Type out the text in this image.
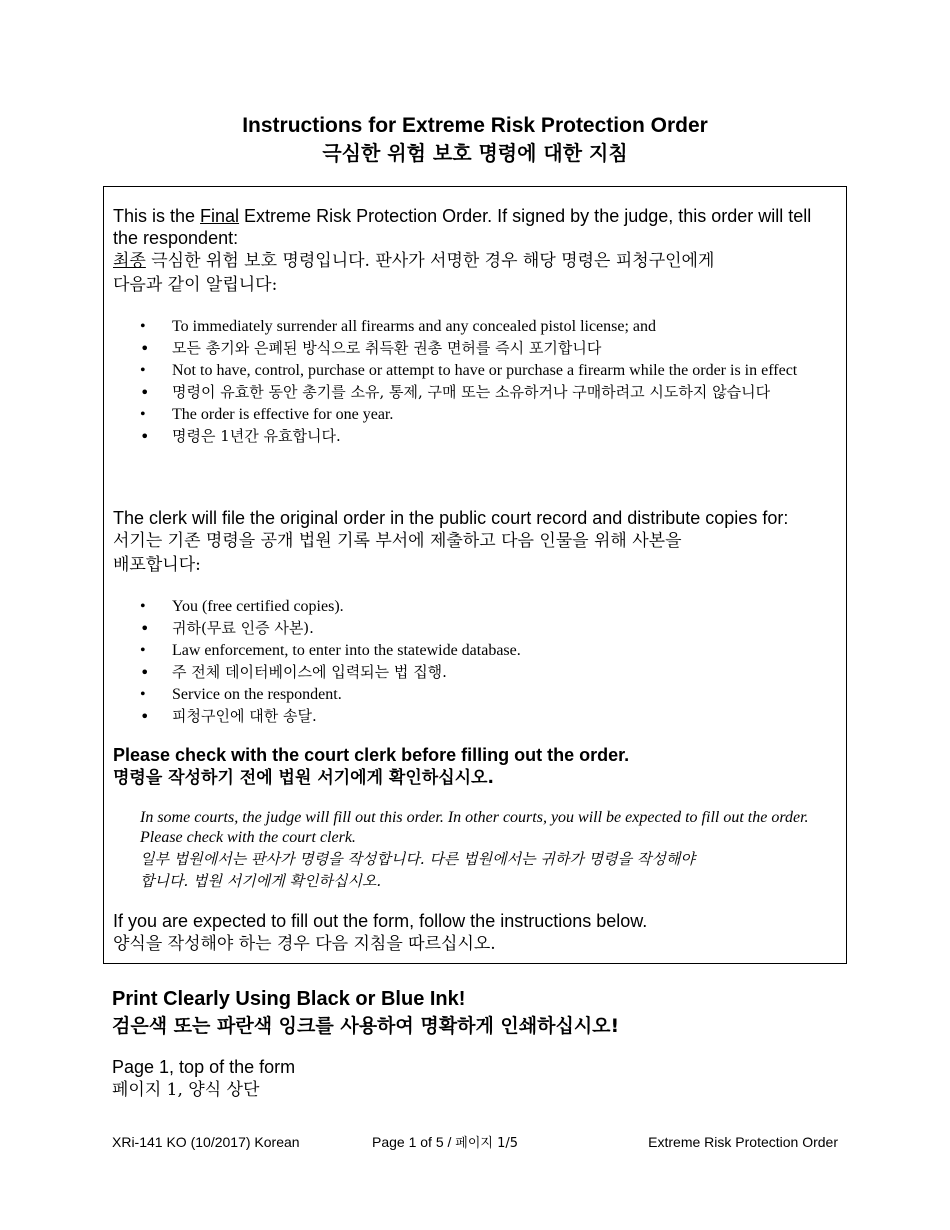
Instructions for Extreme Risk Protection Order
극심한 위험 보호 명령에 대한 지침
This is the Final Extreme Risk Protection Order. If signed by the judge, this order will tell the respondent:
최종 극심한 위험 보호 명령입니다. 판사가 서명한 경우 해당 명령은 피청구인에게
다음과 같이 알립니다:
• To immediately surrender all firearms and any concealed pistol license; and
• 모든 총기와 은폐된 방식으로 취득환 권총 면허를 즉시 포기합니다
• Not to have, control, purchase or attempt to have or purchase a firearm while the order is in effect
• 명령이 유효한 동안 총기를 소유, 통제, 구매 또는 소유하거나 구매하려고 시도하지 않습니다
• The order is effective for one year.
• 명령은 1년간 유효합니다.
The clerk will file the original order in the public court record and distribute copies for:
서기는 기존 명령을 공개 법원 기록 부서에 제출하고 다음 인물을 위해 사본을
배포합니다:
• You (free certified copies).
• 귀하(무료 인증 사본).
• Law enforcement, to enter into the statewide database.
• 주 전체 데이터베이스에 입력되는 법 집행.
• Service on the respondent.
• 피청구인에 대한 송달.
Please check with the court clerk before filling out the order.
명령을 작성하기 전에 법원 서기에게 확인하십시오.
In some courts, the judge will fill out this order. In other courts, you will be expected to fill out the order. Please check with the court clerk.
일부 법원에서는 판사가 명령을 작성합니다. 다른 법원에서는 귀하가 명령을 작성해야
합니다. 법원 서기에게 확인하십시오.
If you are expected to fill out the form, follow the instructions below.
양식을 작성해야 하는 경우 다음 지침을 따르십시오.
Print Clearly Using Black or Blue Ink!
검은색 또는 파란색 잉크를 사용하여 명확하게 인쇄하십시오!
Page 1, top of the form
페이지 1, 양식 상단
XRi-141 KO (10/2017) Korean	Page 1 of 5 / 페이지 1/5	Extreme Risk Protection Order
